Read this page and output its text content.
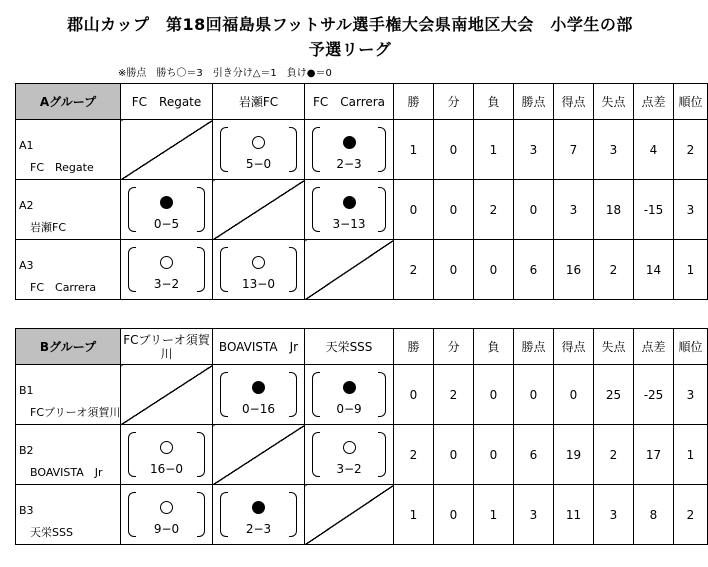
郡山カップ　第18回福島県フットサル選手権大会県南地区大会　小学生の部
予選リーグ
※勝点　勝ち〇＝3　引き分け△＝1　負け●＝0
Aグループ	FC　Regate	岩瀬FC	FC　Carrera	勝	分	負	勝点	得点	失点	点差	順位

A1
FC　Regate		5−0	2−3	1	0	1	3	7	3	4	2

A2
岩瀬FC	0−5		3−13	0	0	2	0	3	18	-15	3

A3
FC　Carrera	3−2	13−0		2	0	0	6	16	2	14	1
Bグループ	FCブリーオ須賀川	BOAVISTA　Jr	天栄SSS	勝	分	負	勝点	得点	失点	点差	順位

B1
FCブリーオ須賀川		0−16	0−9	0	2	0	0	0	25	-25	3

B2
BOAVISTA　Jr	16−0		3−2	2	0	0	6	19	2	17	1

B3
天栄SSS	9−0	2−3		1	0	1	3	11	3	8	2
